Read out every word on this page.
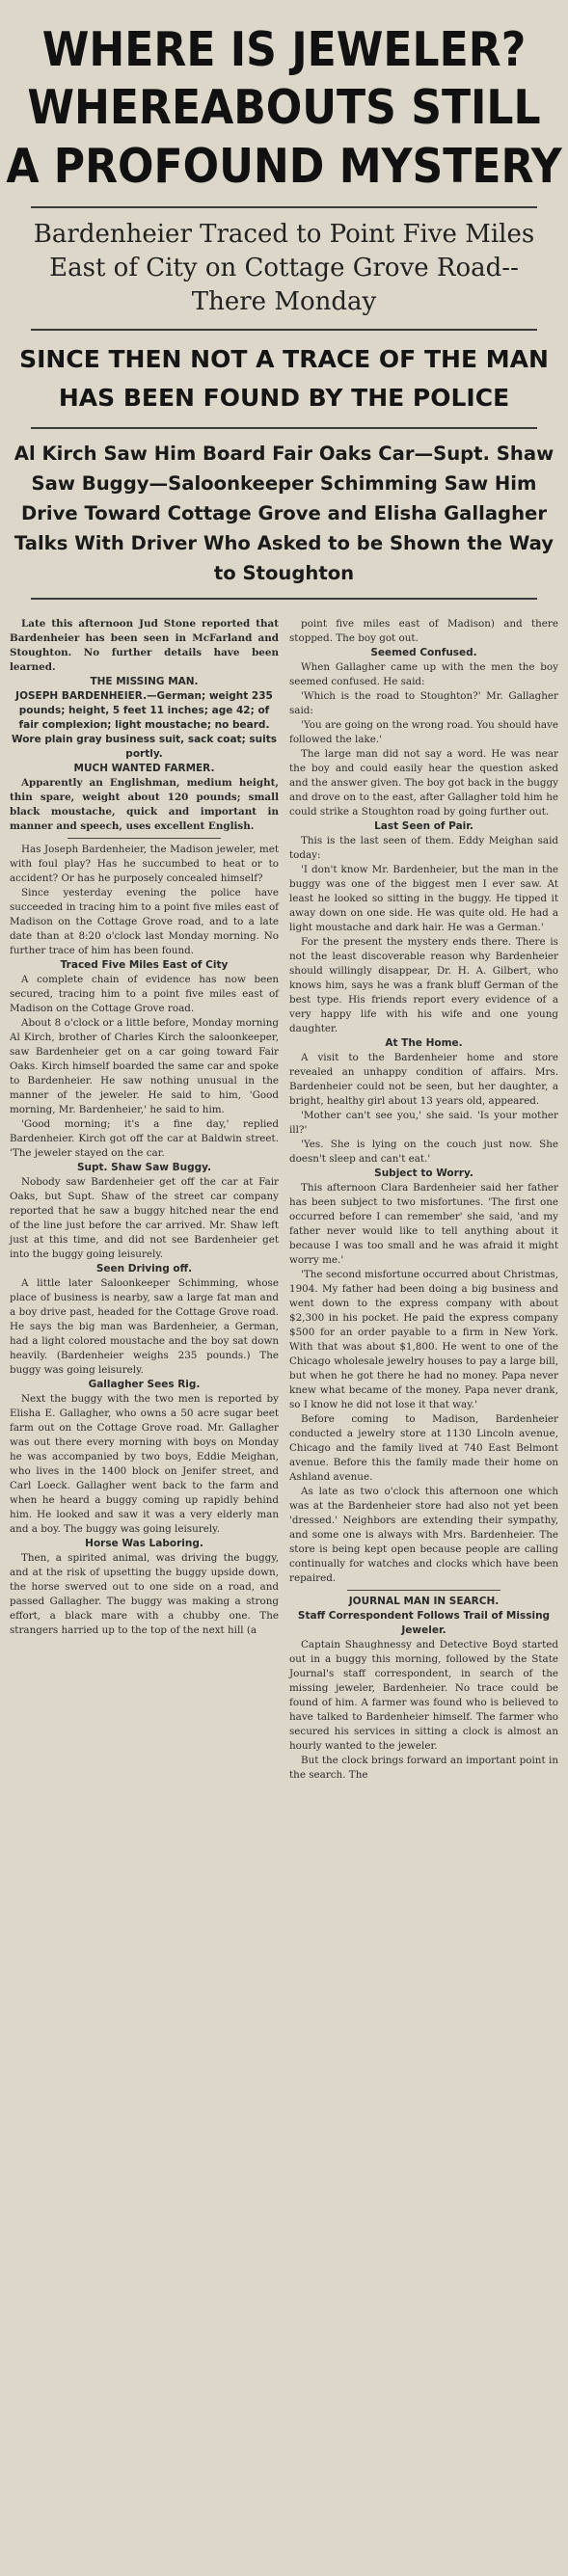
WHERE IS JEWELER?
WHEREABOUTS STILL
A PROFOUND MYSTERY
Bardenheier Traced to Point Five Miles East of City on Cottage Grove Road--There Monday
SINCE THEN NOT A TRACE OF THE MAN HAS BEEN FOUND BY THE POLICE
Al Kirch Saw Him Board Fair Oaks Car—Supt. Shaw Saw Buggy—Saloonkeeper Schimming Saw Him Drive Toward Cottage Grove and Elisha Gallagher Talks With Driver Who Asked to be Shown the Way to Stoughton

Late this afternoon Jud Stone reported that Bardenheier has been seen in McFarland and Stoughton. No further details have been learned.

THE MISSING MAN.

JOSEPH BARDENHEIER.—German; weight 235 pounds; height, 5 feet 11 inches; age 42; of fair complexion; light moustache; no beard. Wore plain gray business suit, sack coat; suits portly.

MUCH WANTED FARMER.

Apparently an Englishman, medium height, thin spare, weight about 120 pounds; small black moustache, quick and important in manner and speech, uses excellent English.

Has Joseph Bardenheier, the Madison jeweler, met with foul play? Has he succumbed to heat or to accident? Or has he purposely concealed himself?

Since yesterday evening the police have succeeded in tracing him to a point five miles east of Madison on the Cottage Grove road, and to a late date than at 8:20 o'clock last Monday morning. No further trace of him has been found.

Traced Five Miles East of City

A complete chain of evidence has now been secured, tracing him to a point five miles east of Madison on the Cottage Grove road.

About 8 o'clock or a little before, Monday morning Al Kirch, brother of Charles Kirch the saloonkeeper, saw Bardenheier get on a car going toward Fair Oaks. Kirch himself boarded the same car and spoke to Bardenheier. He saw nothing unusual in the manner of the jeweler. He said to him, 'Good morning, Mr. Bardenheier,' he said to him.

'Good morning; it's a fine day,' replied Bardenheier. Kirch got off the car at Baldwin street. 'The jeweler stayed on the car.

Supt. Shaw Saw Buggy.

Nobody saw Bardenheier get off the car at Fair Oaks, but Supt. Shaw of the street car company reported that he saw a buggy hitched near the end of the line just before the car arrived. Mr. Shaw left just at this time, and did not see Bardenheier get into the buggy going leisurely.

Seen Driving off.

A little later Saloonkeeper Schimming, whose place of business is nearby, saw a large fat man and a boy drive past, headed for the Cottage Grove road. He says the big man was Bardenheier, a German, had a light colored moustache and the boy sat down heavily. (Bardenheier weighs 235 pounds.) The buggy was going leisurely.

Gallagher Sees Rig.

Next the buggy with the two men is reported by Elisha E. Gallagher, who owns a 50 acre sugar beet farm out on the Cottage Grove road. Mr. Gallagher was out there every morning with boys on Monday he was accompanied by two boys, Eddie Meighan, who lives in the 1400 block on Jenifer street, and Carl Loeck. Gallagher went back to the farm and when he heard a buggy coming up rapidly behind him. He looked and saw it was a very elderly man and a boy. The buggy was going leisurely.

Horse Was Laboring.

Then, a spirited animal, was driving the buggy, and at the risk of upsetting the buggy upside down, the horse swerved out to one side on a road, and passed Gallagher. The buggy was making a strong effort, a black mare with a chubby one. The strangers harried up to the top of the next hill (a

point five miles east of Madison) and there stopped. The boy got out.

Seemed Confused.

When Gallagher came up with the men the boy seemed confused. He said:

'Which is the road to Stoughton?' Mr. Gallagher said:

'You are going on the wrong road. You should have followed the lake.'

The large man did not say a word. He was near the boy and could easily hear the question asked and the answer given. The boy got back in the buggy and drove on to the east, after Gallagher told him he could strike a Stoughton road by going further out.

Last Seen of Pair.

This is the last seen of them. Eddy Meighan said today:

'I don't know Mr. Bardenheier, but the man in the buggy was one of the biggest men I ever saw. At least he looked so sitting in the buggy. He tipped it away down on one side. He was quite old. He had a light moustache and dark hair. He was a German.'

For the present the mystery ends there. There is not the least discoverable reason why Bardenheier should willingly disappear, Dr. H. A. Gilbert, who knows him, says he was a frank bluff German of the best type. His friends report every evidence of a very happy life with his wife and one young daughter.

At The Home.

A visit to the Bardenheier home and store revealed an unhappy condition of affairs. Mrs. Bardenheier could not be seen, but her daughter, a bright, healthy girl about 13 years old, appeared.

'Mother can't see you,' she said. 'Is your mother ill?'

'Yes. She is lying on the couch just now. She doesn't sleep and can't eat.'

Subject to Worry.

This afternoon Clara Bardenheier said her father has been subject to two misfortunes. 'The first one occurred before I can remember' she said, 'and my father never would like to tell anything about it because I was too small and he was afraid it might worry me.'

'The second misfortune occurred about Christmas, 1904. My father had been doing a big business and went down to the express company with about $2,300 in his pocket. He paid the express company $500 for an order payable to a firm in New York. With that was about $1,800. He went to one of the Chicago wholesale jewelry houses to pay a large bill, but when he got there he had no money. Papa never knew what became of the money. Papa never drank, so I know he did not lose it that way.'

Before coming to Madison, Bardenheier conducted a jewelry store at 1130 Lincoln avenue, Chicago and the family lived at 740 East Belmont avenue. Before this the family made their home on Ashland avenue.

As late as two o'clock this afternoon one which was at the Bardenheier store had also not yet been 'dressed.' Neighbors are extending their sympathy, and some one is always with Mrs. Bardenheier. The store is being kept open because people are calling continually for watches and clocks which have been repaired.

JOURNAL MAN IN SEARCH.

Staff Correspondent Follows Trail of Missing Jeweler.

Captain Shaughnessy and Detective Boyd started out in a buggy this morning, followed by the State Journal's staff correspondent, in search of the missing jeweler, Bardenheier. No trace could be found of him. A farmer was found who is believed to have talked to Bardenheier himself. The farmer who secured his services in sitting a clock is almost an hourly wanted to the jeweler.

But the clock brings forward an important point in the search. The
